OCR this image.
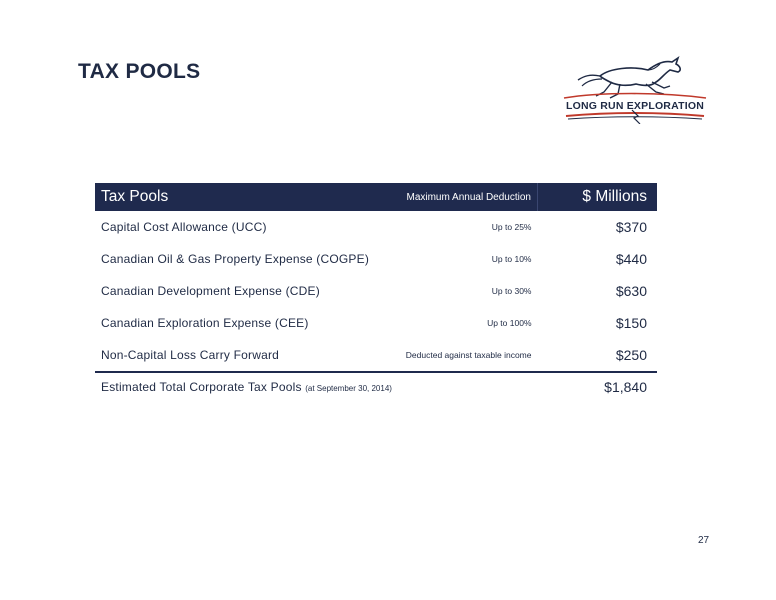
TAX POOLS
LONG RUN EXPLORATION
Tax Pools	Maximum Annual Deduction	$ Millions
Capital Cost Allowance (UCC)	Up to 25%	$370
Canadian Oil & Gas Property Expense (COGPE)	Up to 10%	$440
Canadian Development Expense (CDE)	Up to 30%	$630
Canadian Exploration Expense (CEE)	Up to 100%	$150
Non-Capital Loss Carry Forward	Deducted against taxable income	$250
Estimated Total Corporate Tax Pools (at September 30, 2014)		$1,840
27
